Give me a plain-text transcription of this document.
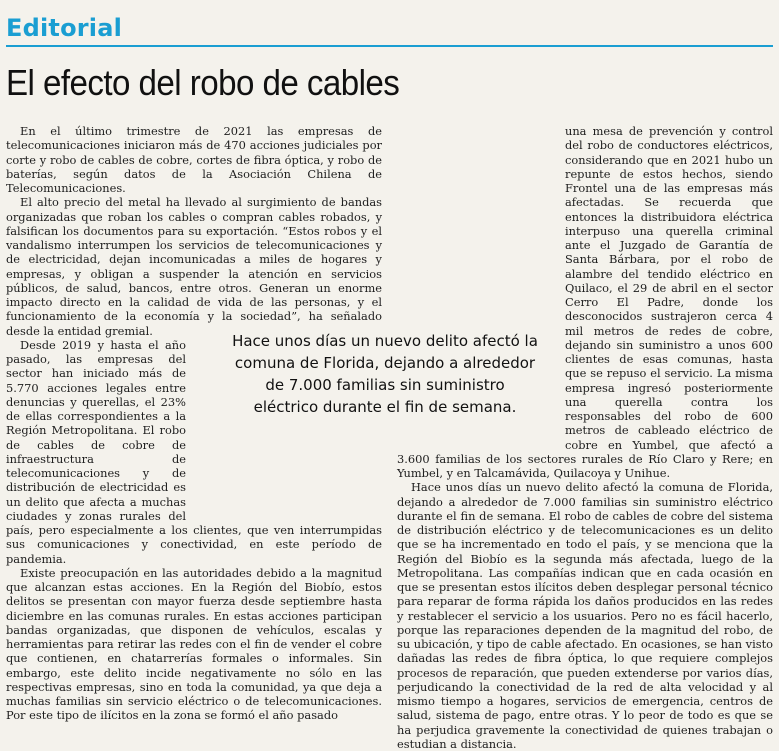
Editorial
El efecto del robo de cables

En el último trimestre de 2021 las empresas de telecomunicaciones iniciaron más de 470 acciones judiciales por corte y robo de cables de cobre, cortes de fibra óptica, y robo de baterías, según datos de la Asociación Chilena de Telecomunicaciones.

El alto precio del metal ha llevado al surgimiento de bandas organizadas que roban los cables o compran cables robados, y falsifican los documentos para su exportación. “Estos robos y el vandalismo interrumpen los servicios de telecomunicaciones y de electricidad, dejan incomunicadas a miles de hogares y empresas, y obligan a suspender la atención en servicios públicos, de salud, bancos, entre otros. Generan un enorme impacto directo en la calidad de vida de las personas, y el funcionamiento de la economía y la sociedad”, ha señalado desde la entidad gremial.

Desde 2019 y hasta el año pasado, las empresas del sector han iniciado más de 5.770 acciones legales entre denuncias y querellas, el 23% de ellas correspondientes a la Región Metropolitana. El robo de cables de cobre de infraestructura de telecomunicaciones y de distribución de electricidad es un delito que afecta a muchas ciudades y zonas rurales del país, pero especialmente a los clientes, que ven interrumpidas sus comunicaciones y conectividad, en este período de pandemia.

Existe preocupación en las autoridades debido a la magnitud que alcanzan estas acciones. En la Región del Biobío, estos delitos se presentan con mayor fuerza desde septiembre hasta diciembre en las comunas rurales. En estas acciones participan bandas organizadas, que disponen de vehículos, escalas y herramientas para retirar las redes con el fin de vender el cobre que contienen, en chatarrerías formales o informales. Sin embargo, este delito incide negativamente no sólo en las respectivas empresas, sino en toda la comunidad, ya que deja a muchas familias sin servicio eléctrico o de telecomunicaciones. Por este tipo de ilícitos en la zona se formó el año pasado

una mesa de prevención y control del robo de conductores eléctricos, considerando que en 2021 hubo un repunte de estos hechos, siendo Frontel una de las empresas más afectadas. Se recuerda que entonces la distribuidora eléctrica interpuso una querella criminal ante el Juzgado de Garantía de Santa Bárbara, por el robo de alambre del tendido eléctrico en Quilaco, el 29 de abril en el sector Cerro El Padre, donde los desconocidos sustrajeron cerca 4 mil metros de redes de cobre, dejando sin suministro a unos 600 clientes de esas comunas, hasta que se repuso el servicio. La misma empresa ingresó posteriormente una querella contra los responsables del robo de 600 metros de cableado eléctrico de cobre en Yumbel, que afectó a 3.600 familias de los sectores rurales de Río Claro y Rere; en Yumbel, y en Talcamávida, Quilacoya y Unihue.

Hace unos días un nuevo delito afectó la comuna de Florida, dejando a alrededor de 7.000 familias sin suministro eléctrico durante el fin de semana. El robo de cables de cobre del sistema de distribución eléctrico y de telecomunicaciones es un delito que se ha incrementado en todo el país, y se menciona que la Región del Biobío es la segunda más afectada, luego de la Metropolitana. Las compañías indican que en cada ocasión en que se presentan estos ilícitos deben desplegar personal técnico para reparar de forma rápida los daños producidos en las redes y restablecer el servicio a los usuarios. Pero no es fácil hacerlo, porque las reparaciones dependen de la magnitud del robo, de su ubicación, y tipo de cable afectado. En ocasiones, se han visto dañadas las redes de fibra óptica, lo que requiere complejos procesos de reparación, que pueden extenderse por varios días, perjudicando la conectividad de la red de alta velocidad y al mismo tiempo a hogares, servicios de emergencia, centros de salud, sistema de pago, entre otras. Y lo peor de todo es que se ha perjudica gravemente la conectividad de quienes trabajan o estudian a distancia.

Hace unos días un nuevo delito afectó la comuna de Florida, dejando a alrededor de 7.000 familias sin suministro eléctrico durante el fin de semana.
